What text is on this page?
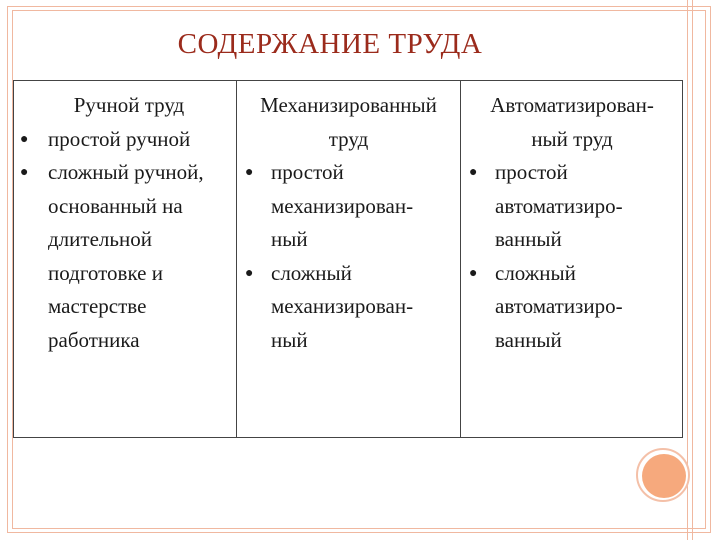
СОДЕРЖАНИЕ ТРУДА
Ручной труд
● простой ручной
● сложный ручной,
основанный на
длительной
подготовке и
мастерстве
работника
Механизированный
труд
● простой
механизирован-
ный
● сложный
механизирован-
ный
Автоматизирован-
ный труд
● простой
автоматизиро-
ванный
● сложный
автоматизиро-
ванный
